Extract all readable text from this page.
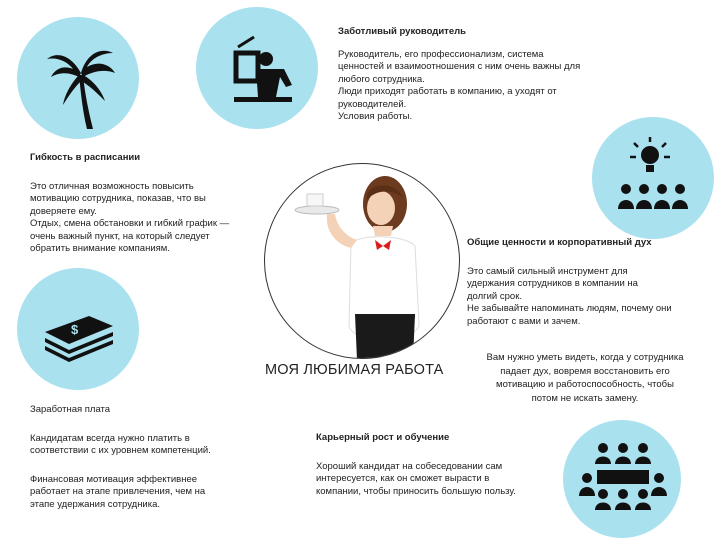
$
МОЯ ЛЮБИМАЯ РАБОТА
Заботливый руководитель
Руководитель, его профессионализм, система
ценностей и взаимоотношения с ним очень важны для
любого сотрудника.
Люди приходят работать в компанию, а уходят от
руководителей.
Условия работы.
Гибкость в расписании
Это отличная возможность повысить
мотивацию сотрудника, показав, что вы
доверяете ему.
Отдых, смена обстановки и гибкий график —
очень важный пункт, на который следует
обратить внимание компаниям.
Общие ценности и корпоративный дух
Это самый сильный инструмент для
удержания сотрудников в компании на
долгий срок.
Не забывайте напоминать людям, почему они
работают с вами и зачем.
Вам нужно уметь видеть, когда у сотрудника
падает дух, вовремя восстановить его
мотивацию и работоспособность, чтобы
потом не искать замену.
Заработная плата
Кандидатам всегда нужно платить в
соответствии с их уровнем компетенций.
Финансовая мотивация эффективнее
работает на этапе привлечения, чем на
этапе удержания сотрудника.
Карьерный рост и обучение
Хороший кандидат на собеседовании сам
интересуется, как он сможет вырасти в
компании, чтобы приносить большую пользу.
